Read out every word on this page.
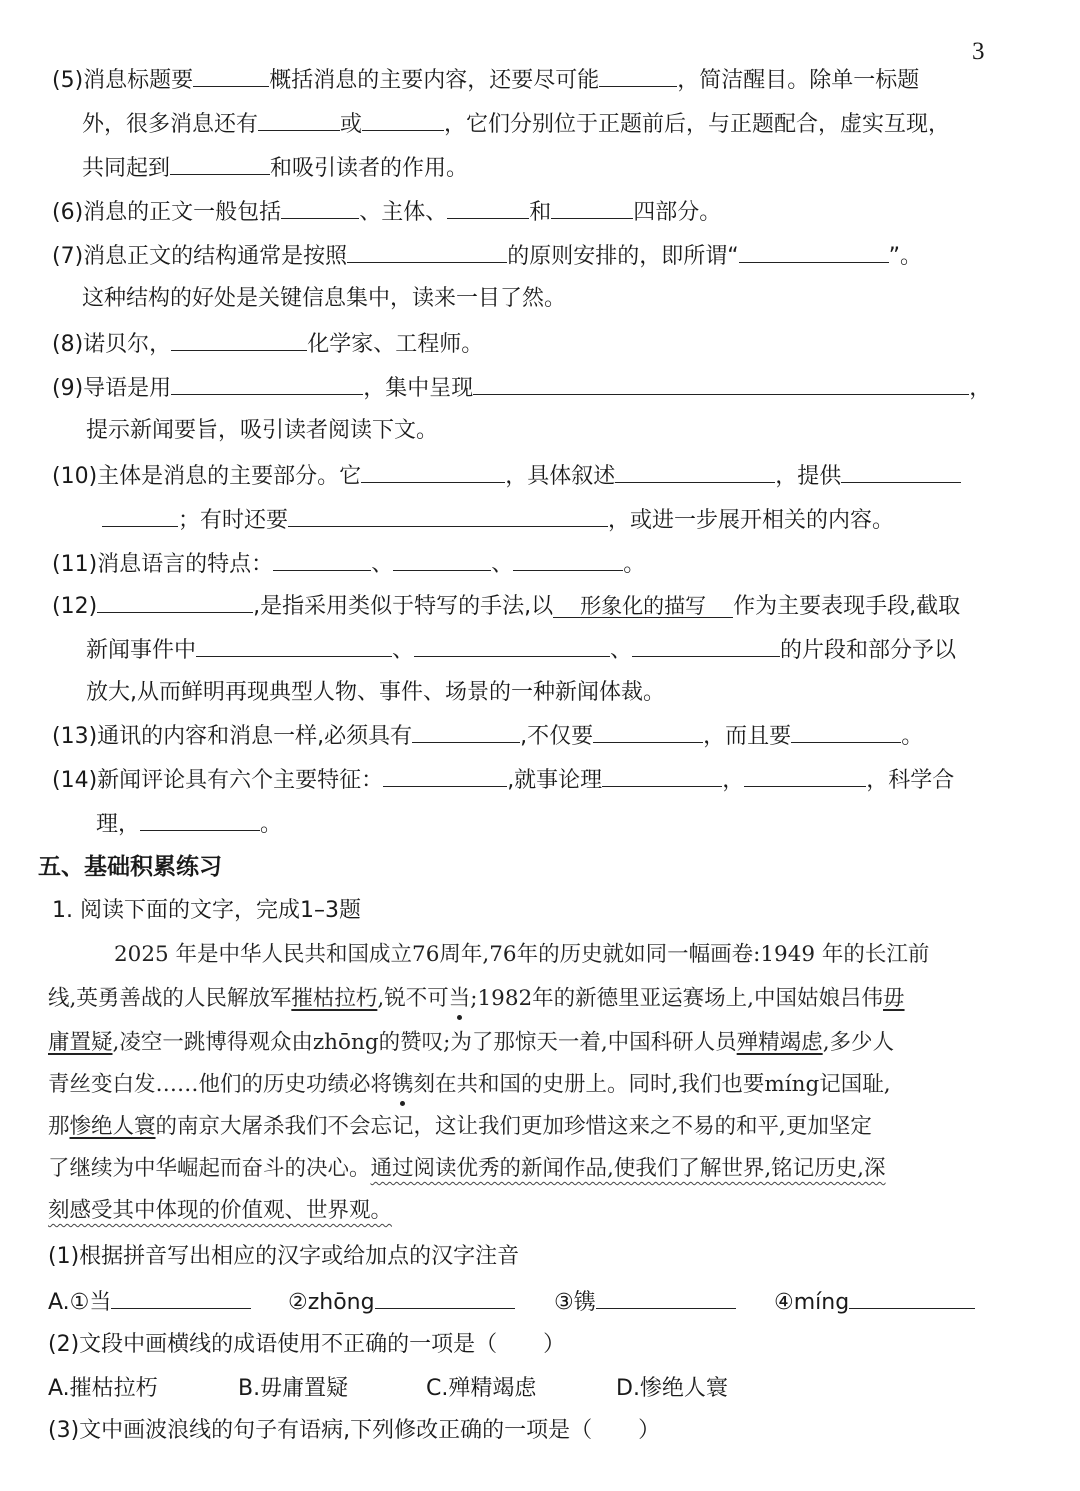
3
(5)消息标题要	概括消息的主要内容，还要尽可能	，简洁醒目。除单一标题
外，很多消息还有	或	，它们分别位于正题前后，与正题配合，虚实互现，
共同起到	和吸引读者的作用。
(6)消息的正文一般包括	、主体、	和	四部分。
(7)消息正文的结构通常是按照	的原则安排的，即所谓“	”。
这种结构的好处是关键信息集中，读来一目了然。
(8)诺贝尔，	化学家、工程师。
(9)导语是用	，集中呈现	，
提示新闻要旨，吸引读者阅读下文。
(10)主体是消息的主要部分。它	，具体叙述	，提供
；有时还要	，或进一步展开相关的内容。
(11)消息语言的特点：	、	、	。
(12)	,是指采用类似于特写的手法,以 形象化的描写 作为主要表现手段,截取
新闻事件中	、	、	的片段和部分予以
放大,从而鲜明再现典型人物、事件、场景的一种新闻体裁。
(13)通讯的内容和消息一样,必须具有	,不仅要	，而且要	。
(14)新闻评论具有六个主要特征：	,就事论理	，	，科学合
理，	。
五、基础积累练习
1. 阅读下面的文字，完成1–3题
2025 年是中华人民共和国成立76周年,76年的历史就如同一幅画卷:1949 年的长江前
线,英勇善战的人民解放军摧枯拉朽,锐不可当;1982年的新德里亚运赛场上,中国姑娘吕伟毋
庸置疑,凌空一跳博得观众由zhōng的赞叹;为了那惊天一着,中国科研人员殚精竭虑,多少人
青丝变白发……他们的历史功绩必将镌刻在共和国的史册上。同时,我们也要míng记国耻,
那惨绝人寰的南京大屠杀我们不会忘记，这让我们更加珍惜这来之不易的和平,更加坚定
了继续为中华崛起而奋斗的决心。通过阅读优秀的新闻作品,使我们了解世界,铭记历史,深
刻感受其中体现的价值观、世界观。
(1)根据拼音写出相应的汉字或给加点的汉字注音
A.①当	②zhōng	③镌	④míng
(2)文段中画横线的成语使用不正确的一项是（ ）
A.摧枯拉朽	B.毋庸置疑	C.殚精竭虑	D.惨绝人寰
(3)文中画波浪线的句子有语病,下列修改正确的一项是（ ）
